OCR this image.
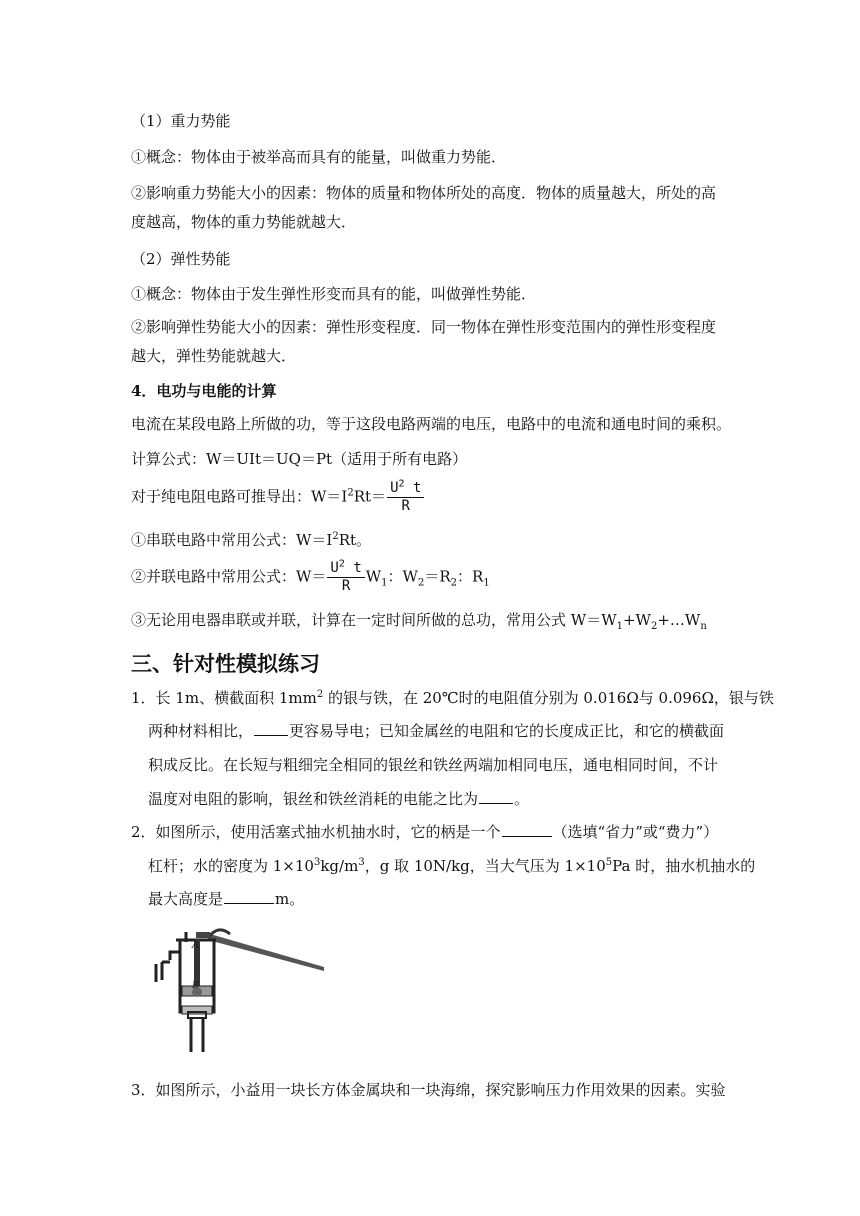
（1）重力势能
①概念：物体由于被举高而具有的能量，叫做重力势能．
②影响重力势能大小的因素：物体的质量和物体所处的高度．物体的质量越大，所处的高
度越高，物体的重力势能就越大．
（2）弹性势能
①概念：物体由于发生弹性形变而具有的能，叫做弹性势能．
②影响弹性势能大小的因素：弹性形变程度．同一物体在弹性形变范围内的弹性形变程度
越大，弹性势能就越大．
4．电功与电能的计算
电流在某段电路上所做的功，等于这段电路两端的电压，电路中的电流和通电时间的乘积。
计算公式：W＝UIt＝UQ＝Pt（适用于所有电路）
对于纯电阻电路可推导出：$W=I^2Rt= \frac{U^2 t}{R}$
①串联电路中常用公式：$W=I^2Rt$。
②并联电路中常用公式：$W= \frac{U^2 t}{R} W_1$：$W_2=R_2$：$R_1$
③无论用电器串联或并联，计算在一定时间所做的总功，常用公式 $W=W_1+W_2+\dots W_n$
三、针对性模拟练习
1．长 1m、横截面积 $1mm^2$ 的银与铁，在 20℃时的电阻值分别为 0.016Ω与 0.096Ω，银与铁
两种材料相比， 更容易导电；已知金属丝的电阻和它的长度成正比，和它的横截面
积成反比。在长短与粗细完全相同的银丝和铁丝两端加相同电压，通电相同时间，不计
温度对电阻的影响，银丝和铁丝消耗的电能之比为 。
2．如图所示，使用活塞式抽水机抽水时，它的柄是一个	（选填“省力”或“费力”）
杠杆；水的密度为 $1\times 10^3kg/m^3$，g 取 10N/kg，当大气压为 $1\times 10^5Pa$ 时，抽水机抽水的
最大高度是	m。
A
B
3．如图所示，小益用一块长方体金属块和一块海绵，探究影响压力作用效果的因素。实验
